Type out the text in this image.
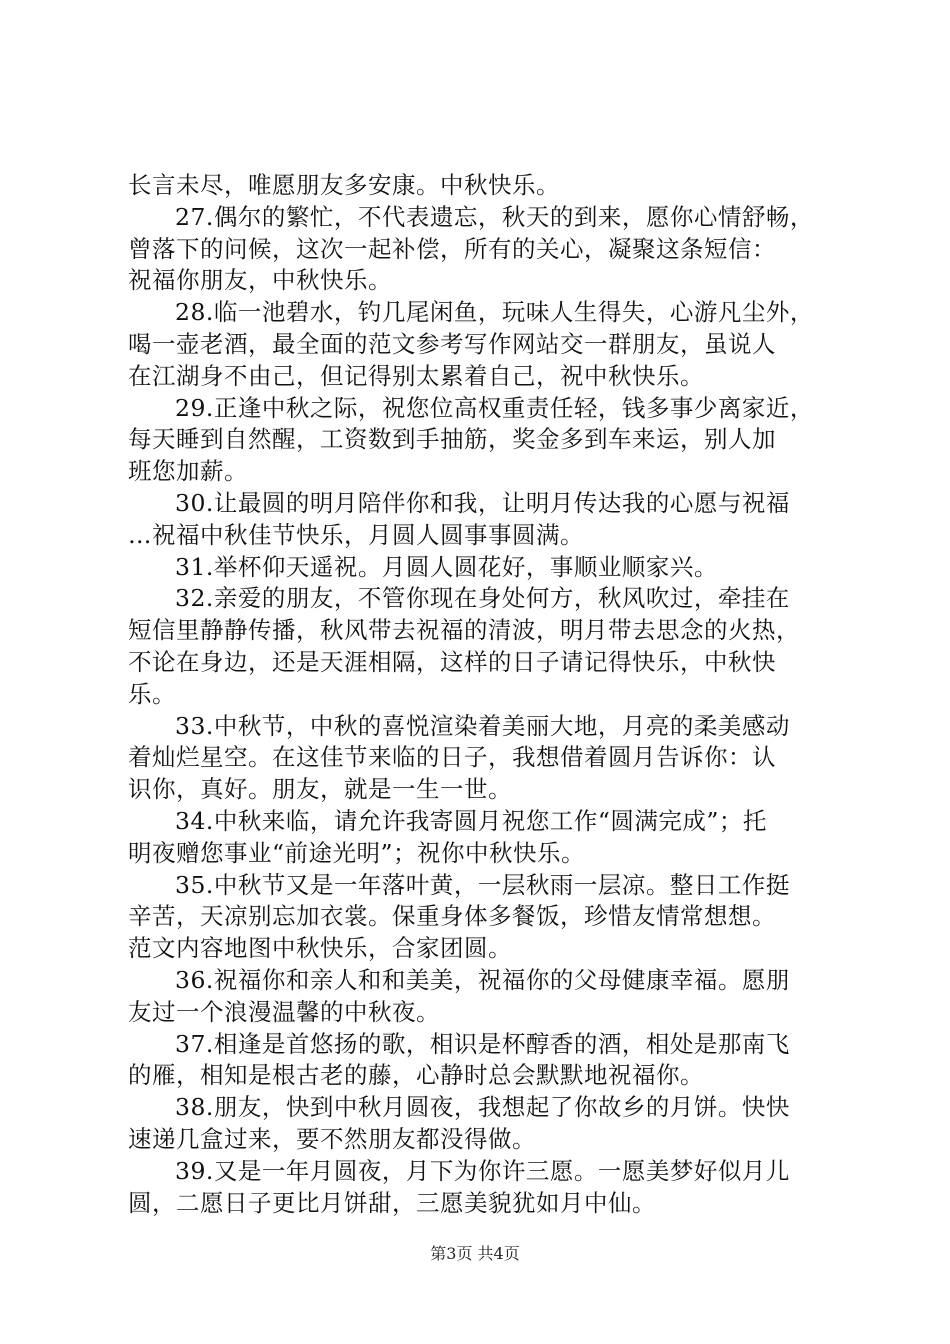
长言未尽，唯愿朋友多安康。中秋快乐。
27.偶尔的繁忙，不代表遗忘，秋天的到来，愿你心情舒畅，
曾落下的问候，这次一起补偿，所有的关心，凝聚这条短信：
祝福你朋友，中秋快乐。
28.临一池碧水，钓几尾闲鱼，玩味人生得失，心游凡尘外，
喝一壶老酒，最全面的范文参考写作网站交一群朋友，虽说人
在江湖身不由己，但记得别太累着自己，祝中秋快乐。
29.正逢中秋之际，祝您位高权重责任轻，钱多事少离家近，
每天睡到自然醒，工资数到手抽筋，奖金多到车来运，别人加
班您加薪。
30.让最圆的明月陪伴你和我，让明月传达我的心愿与祝福
…祝福中秋佳节快乐，月圆人圆事事圆满。
31.举杯仰天遥祝。月圆人圆花好，事顺业顺家兴。
32.亲爱的朋友，不管你现在身处何方，秋风吹过，牵挂在
短信里静静传播，秋风带去祝福的清波，明月带去思念的火热，
不论在身边，还是天涯相隔，这样的日子请记得快乐，中秋快
乐。
33.中秋节，中秋的喜悦渲染着美丽大地，月亮的柔美感动
着灿烂星空。在这佳节来临的日子，我想借着圆月告诉你：认
识你，真好。朋友，就是一生一世。
34.中秋来临，请允许我寄圆月祝您工作“圆满完成”；托
明夜赠您事业“前途光明”；祝你中秋快乐。
35.中秋节又是一年落叶黄，一层秋雨一层凉。整日工作挺
辛苦，天凉别忘加衣裳。保重身体多餐饭，珍惜友情常想想。
范文内容地图中秋快乐，合家团圆。
36.祝福你和亲人和和美美，祝福你的父母健康幸福。愿朋
友过一个浪漫温馨的中秋夜。
37.相逢是首悠扬的歌，相识是杯醇香的酒，相处是那南飞
的雁，相知是根古老的藤，心静时总会默默地祝福你。
38.朋友，快到中秋月圆夜，我想起了你故乡的月饼。快快
速递几盒过来，要不然朋友都没得做。
39.又是一年月圆夜，月下为你许三愿。一愿美梦好似月儿
圆，二愿日子更比月饼甜，三愿美貌犹如月中仙。
第3页 共4页
